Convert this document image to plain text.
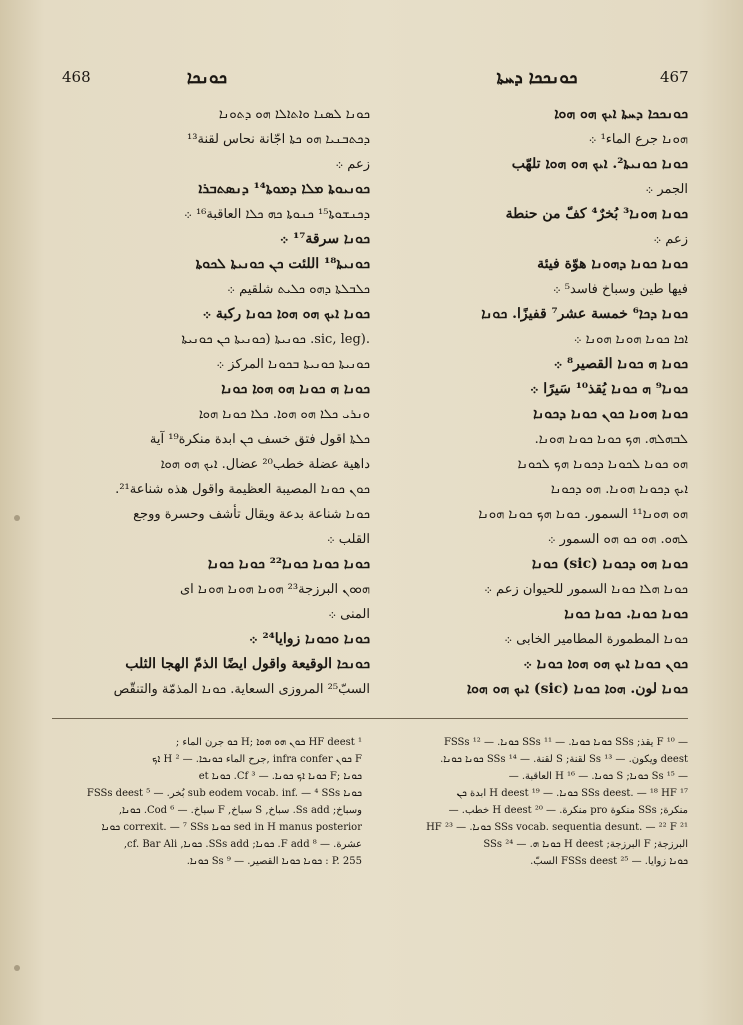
468	ܟܘܢܟܐ	ܟܘܢܟܟܐ ܕܚܬܐ	467

ܟܘܢܐ ܠܣܢܐ ܘܐܬܐܠܐ ܗܘ ܕܬܘܢܐ

ܕܟܬܒܢܝܐ ܗܘ ܟܬܐ اجّانة نحاس لقنة¹³

زعم ܀

ܟܘܢܝܘܬܐ ܡܠܐ ܕܡܘܬܐ¹⁴ ܕܢܣܬܒܪܐ

ܕܟܢܫܘܬܐ¹⁵ ܟܢܘܬܐ ܟܗ ܟܠܐ العاقبة¹⁶ ܀

ܟܘܢܐ سرقة¹⁷ ܀

ܟܘܢܝܬܐ¹⁸ اللئت ܟܢ ܟܘܢܝܬܐ ܠܟܘܬܐ

ܟܠܒܠܬܐ ܕܗܘ ܟܠܝܬ شلقيم ܀

ܟܘܢܐ ܐܝܟ ܗܘ ܗܘܐ ܟܘܢܐ ركبة ܀

.(sic, leg. ܟܘܢܝܬܐ (ܟܘܢܝܬܐ ܟܢ ܟܘܢܝܬܐ

ܟܘܢܝܬܐ ܟܘܢܝܬܐ ܒܟܘܢܐ المركز ܀

ܟܘܢܐ ܗ ܟܘܢܐ ܗܘ ܗܘܐ ܟܘܢܐ

ܘܢܪܝ ܟܠܐ ܗܘ ܗܘܐ. ܟܠܐ ܟܘܢܐ ܗܘܐ

ܟܠܬܐ اقول فتق خسف ܟܢ ابدة منكرة¹⁹ آية

داهية عضلة خطب²⁰ عضال. ܐܝܟ ܗܘ ܗܘܐ

ܟܘܢ ܟܘܢܐ المصيبة العظيمة واقول هذه شناعة²¹.

ܟܘܢܐ شناعة بدعة ويقال تأشف وحسرة ووجع

القلب ܀

ܟܘܢܐ ܟܘܢܐ ܟܘܢܐ²² ܟܘܢܐ ܟܘܢܐ

ܗܘܘܢ البرزجة²³ ܗܘܢܐ ܗܘܢܐ ܗܘܢܐ اى

المنى ܀

ܟܘܢܐ ܘܟܘܢܐ زوايا²⁴ ܀

ܟܘܢܟܐ الوقيعة واقول ايضًا الذمّ الهجا الثلب

السبّ²⁵ المروزى السعاية. ܟܘܢܐ المذمّة والتنقّص

ܟܘܢܟܟܐ ܕܚܬܐ ܐܝܟ ܗܘ ܗܘܐ

ܗܘܢܐ جرع الماء¹ ܀

ܟܘܢܐ ܟܘܢܝܬܐ². ܐܝܟ ܗܘ ܗܘܐ تلهّب

الجمر ܀

ܟܘܢܐ ܗܘܢܐ³ بُخرٌ⁴ كفّ من حنطة

زعم ܀

ܟܘܢܐ ܟܘܢܐ ܕܗܘܢܐ هوّة فيئة

فيها طين وسباخ فاسد⁵ ܀

ܟܘܢܐ ܕܟܐ⁶ خمسة عشر⁷ قفيزًا. ܟܘܢܐ

ܐܟܐ ܟܘܢܐ ܗܘܢܐ ܗܘܢܐ ܀

ܟܘܢܐ ܗ ܟܘܢܐ القصير⁸ ܀

ܟܘܢܐ⁹ ܗ ܟܘܢܐ يُقذ¹⁰ سَيرًا ܀

ܟܘܢܐ ܗܘܢܐ ܟܘܢ ܟܘܢܐ ܕܟܘܢܐ

ܠܒܗܠܗ. ܗܟ ܟܘܢܐ ܟܘܢܐ ܗܘܢܐ.

ܗܘ ܟܘܢܐ ܠܟܘܢܐ ܕܟܘܢܐ ܗܟ ܠܟܘܢܐ

ܐܝܟ ܕܟܘܢܐ ܗܘܢܐ. ܗܘ ܕܟܘܢܐ

ܗܘ ܗܘܢܐ¹¹ السمور. ܟܘܢܐ ܗܟ ܟܘܢܐ ܗܘܢܐ

ܠܗܘ. ܗܘ ܟܘ ܗܘ السمور ܀

ܟܘܢܐ ܗܘ ܕܟܘܢܐ (sic) ܟܘܢܐ

ܟܘܢܐ ܗܠܐ ܟܘܢܐ السمور للحيوان زعم ܀

ܟܘܢܐ ܟܘܢܐ. ܟܘܢܐ ܟܘܢܐ

ܟܘܢܐ المطمورة المطامير الخابى ܀

ܟܘܢ ܟܘܢܐ ܐܝܟ ܗܘ ܗܘܐ ܟܘܢܐ ܀

ܟܘܢܐ لون. ܗܘܐ ܟܘܢܐ (sic) ܐܝܟ ܗܘ ܗܘܐ

¹ HF deest ܟܘܢ ܗܘ ܗܘܐ ;H ܟܘ جرن الماء ;

F ܟܘܢ infra confer ,جرح الماء ܟܘܢܟܐ. — ² H ܐܟ

ܟܘܢܐ ;F ܟܘܢܐ ܐܟ ܟܘܢܐ. — ³ Cf. ܟܘܢܐ et

ܟܘܢܐ sub eodem vocab. inf. — ⁴ SSs بُخر. — ⁵ FSSs deest

وسباخ; Ss add. سباخ, S سباخ, F سباخ. — ⁶ Cod. ܟܘܢܐ,

sed in H manus posterior ܟܘܢܐ correxit. — ⁷ SSs ܟܘܢܐ

عشرة. — ⁸ F add. ܟܘܢܐ; SSs add. ܟܘܢܐ, cf. Bar Ali,

P. 255 : ܟܘܢܐ ܟܘܢܐ القصير. — ⁹ Ss ܟܘܢܐ.

— ¹⁰ F يقذ; SSs ܟܘܢܐ ܟܘܢܐ. — ¹¹ SSs ܟܘܢܐ. — ¹² FSSs

deest ويكون. — ¹³ Ss لقنة; S لقنة. — ¹⁴ SSs ܟܘܢܐ ܟܘܢܐ.

— ¹⁵ Ss ܟܘܢܐ; S ܟܘܢܐ. — ¹⁶ H العاقبة. —

¹⁷ SSs deest. — ¹⁸ HF ܟܘܢܐ. — ¹⁹ H deest ابدة ܟܢ

منكرة; SSs منكوة pro منكرة. — ²⁰ H deest خطب. —

²¹ SSs vocab. sequentia desunt. — ²² F ܟܘܢܐ. — ²³ HF

البرزجة; F البرزجة; H deest ܟܘܢܐ ܗ. — ²⁴ SSs

ܟܘܢܐ زوايا. — ²⁵ FSSs deest السبّ.
